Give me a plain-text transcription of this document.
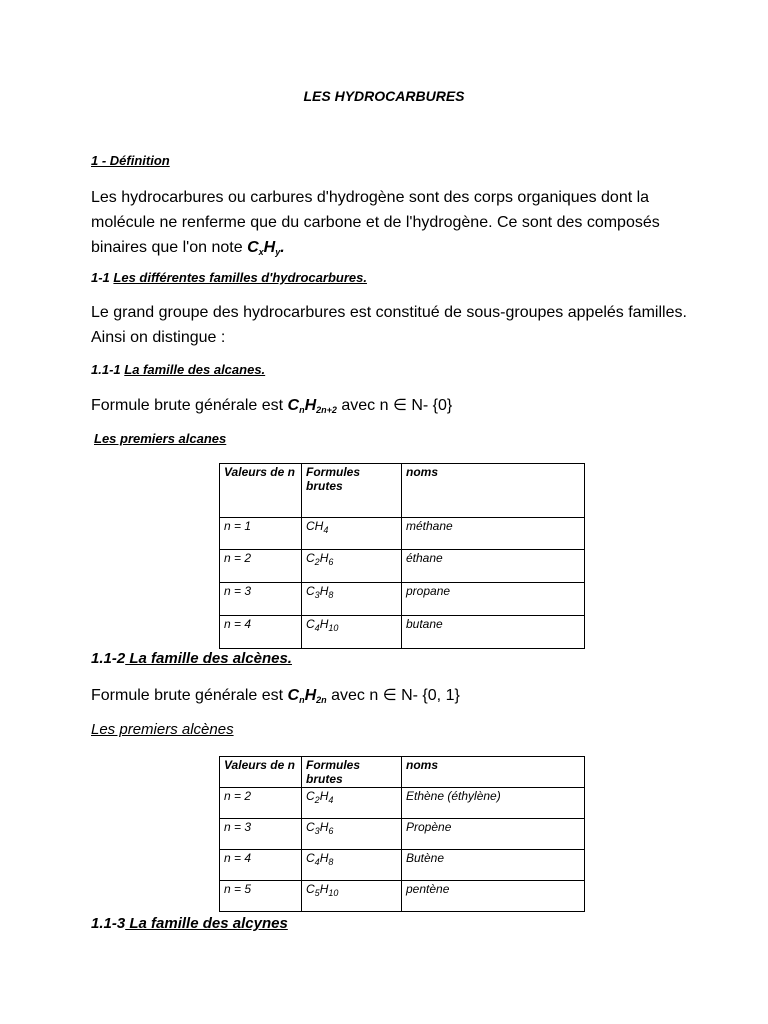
LES HYDROCARBURES
1 - Définition
Les hydrocarbures ou carbures d'hydrogène sont des corps organiques dont la molécule ne renferme que du carbone et de l'hydrogène. Ce sont des composés binaires que l'on note $C_xH_y$.
1-1 Les différentes familles d'hydrocarbures.
Le grand groupe des hydrocarbures est constitué de sous-groupes appelés familles. Ainsi on distingue :
1.1-1 La famille des alcanes.
Formule brute générale est $C_nH_{2n+2}$ avec n ∈ N- {0}
Les premiers alcanes
Valeurs de n	Formules brutes	noms
n = 1	$CH_4$	méthane
n = 2	$C_2H_6$	éthane
n = 3	$C_3H_8$	propane
n = 4	$C_4H_{10}$	butane
1.1-2 La famille des alcènes.
Formule brute générale est $C_nH_{2n}$ avec n ∈ N- {0, 1}
Les premiers alcènes
Valeurs de n	Formules brutes	noms
n = 2	$C_2H_4$	Ethène (éthylène)
n = 3	$C_3H_6$	Propène
n = 4	$C_4H_8$	Butène
n = 5	$C_5H_{10}$	pentène
1.1-3 La famille des alcynes
